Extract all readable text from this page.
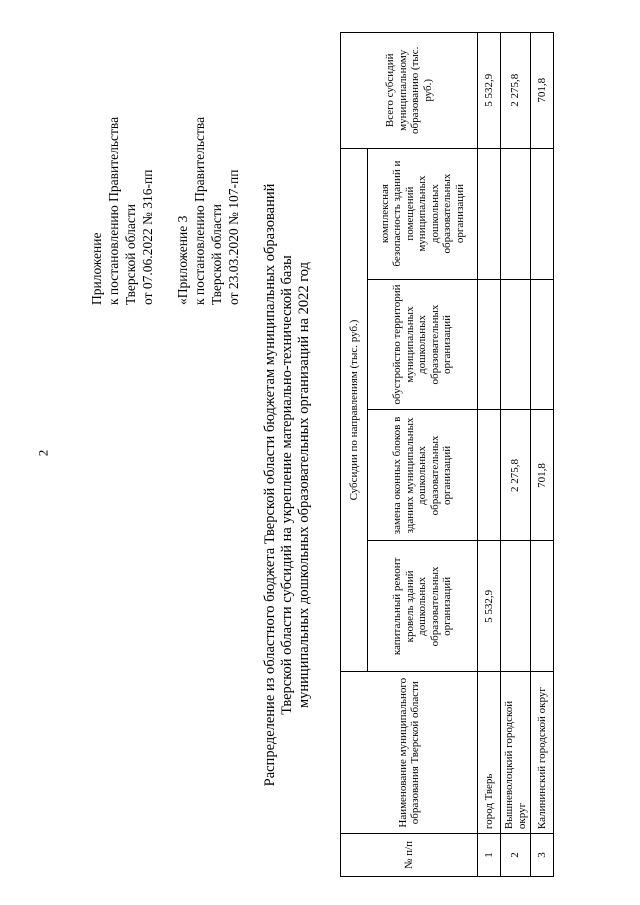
2
Приложение к постановлению Правительства Тверской области от 07.06.2022 № 316-пп «Приложение 3 к постановлению Правительства Тверской области от 23.03.2020 № 107-пп Распределение из областного бюджета Тверской области бюджетам муниципальных образований Тверской области субсидий на укрепление материально-технической базы муниципальных дошкольных образовательных организаций на 2022 год
№ п/п	Наименование муниципального образования Тверской области	Субсидии по направлениям (тыс. руб.)				Всего субсидий муниципальному образованию (тыс. руб.)
		капитальный ремонт кровель зданий дошкольных образовательных организаций	замена оконных блоков в зданиях муниципальных дошкольных образовательных организаций	обустройство территорий муниципальных дошкольных образовательных организаций	комплексная безопасность зданий и помещений муниципальных дошкольных образовательных организаций	
1	город Тверь	5 532,9				5 532,9
2	Вышневолоцкий городской округ		2 275,8			2 275,8
3	Калининский городской округ		701,8			701,8
